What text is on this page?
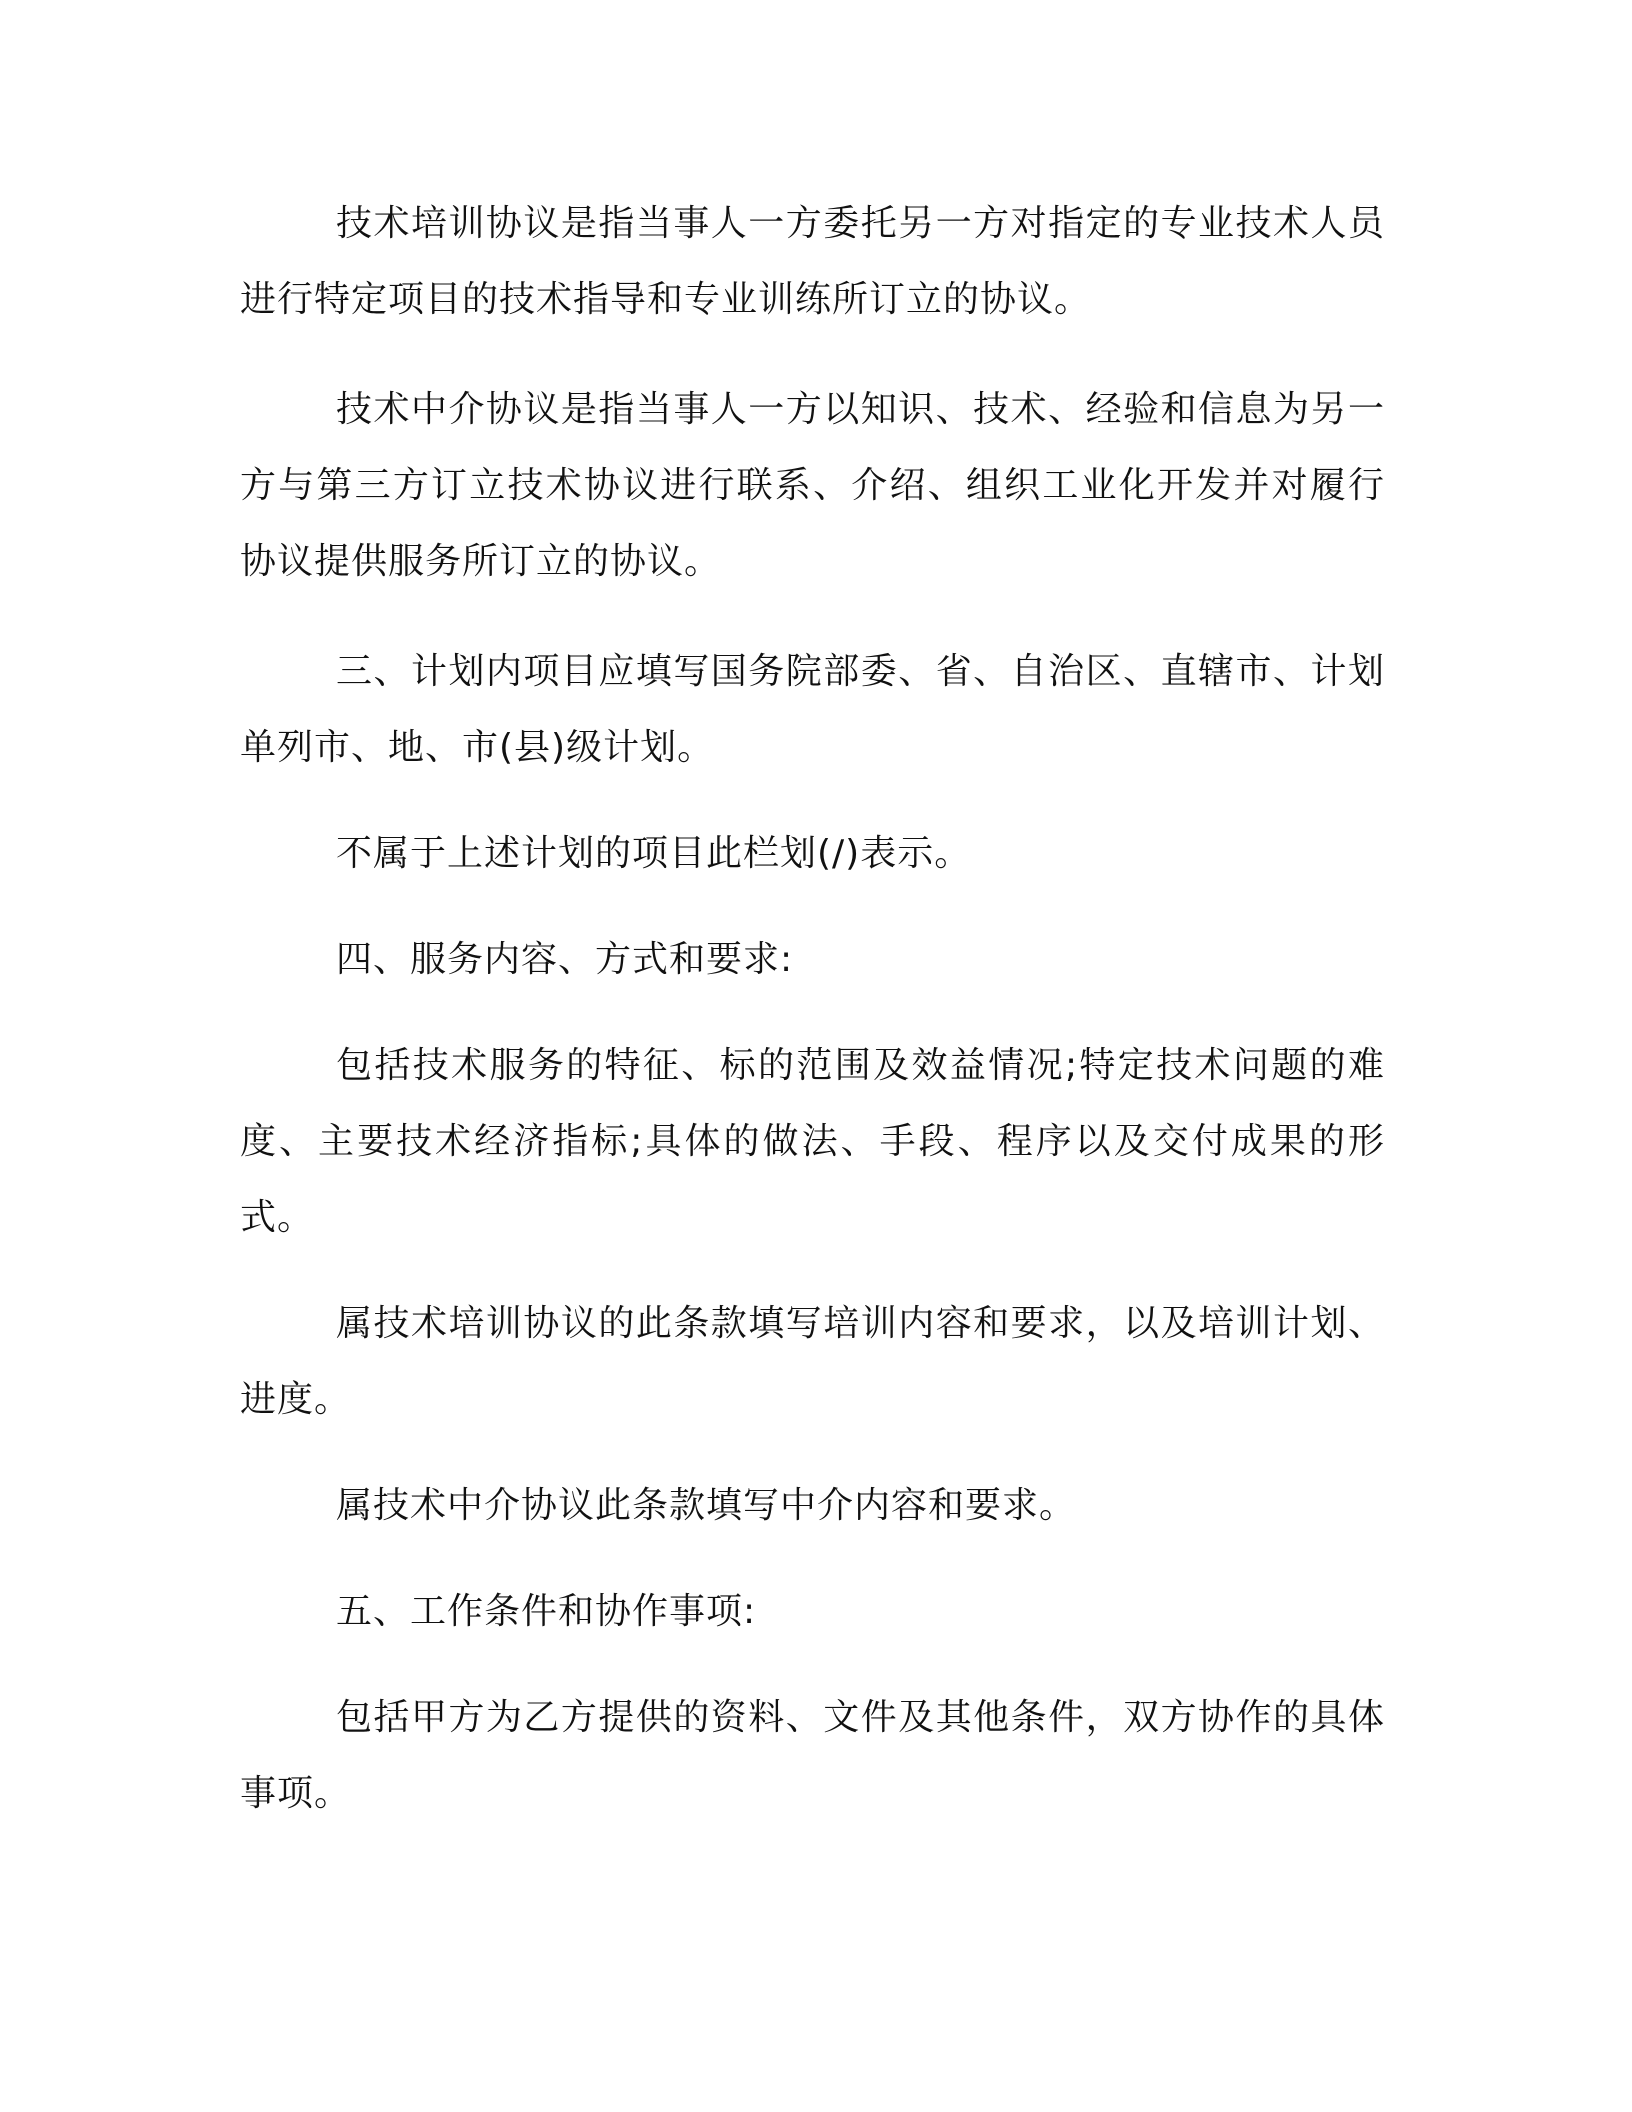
技术培训协议是指当事人一方委托另一方对指定的专业技术人员进行特定项目的技术指导和专业训练所订立的协议。

技术中介协议是指当事人一方以知识、技术、经验和信息为另一方与第三方订立技术协议进行联系、介绍、组织工业化开发并对履行协议提供服务所订立的协议。

三、计划内项目应填写国务院部委、省、自治区、直辖市、计划单列市、地、市(县)级计划。

不属于上述计划的项目此栏划(/)表示。

四、服务内容、方式和要求:

包括技术服务的特征、标的范围及效益情况;特定技术问题的难度、主要技术经济指标;具体的做法、手段、程序以及交付成果的形式。

属技术培训协议的此条款填写培训内容和要求，以及培训计划、进度。

属技术中介协议此条款填写中介内容和要求。

五、工作条件和协作事项:

包括甲方为乙方提供的资料、文件及其他条件，双方协作的具体事项。
